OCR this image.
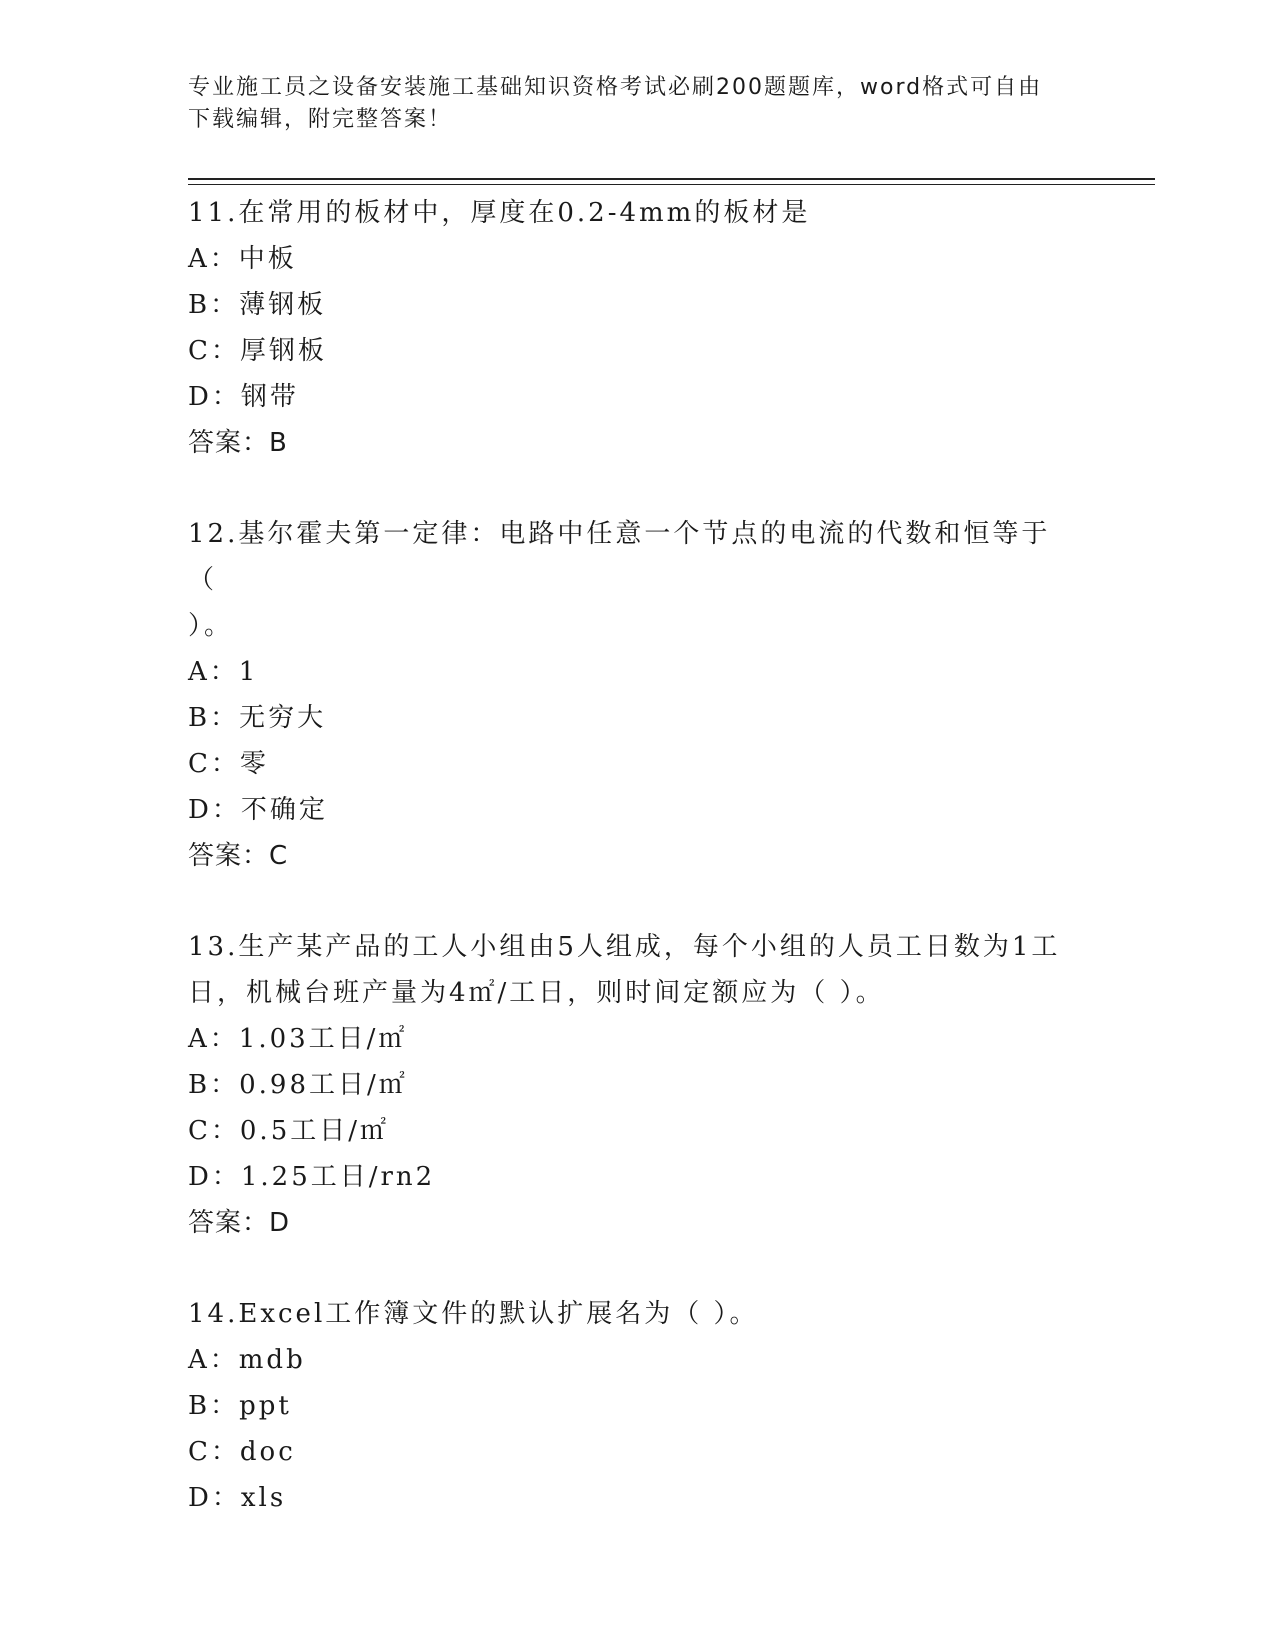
专业施工员之设备安装施工基础知识资格考试必刷200题题库，word格式可自由
下载编辑，附完整答案！

11.在常用的板材中，厚度在0.2-4mm的板材是

A：中板

B：薄钢板

C：厚钢板

D：钢带

答案：B

12.基尔霍夫第一定律：电路中任意一个节点的电流的代数和恒等于（

）。

A：1

B：无穷大

C：零

D：不确定

答案：C

13.生产某产品的工人小组由5人组成，每个小组的人员工日数为1工

日，机械台班产量为4㎡/工日，则时间定额应为（ ）。

A：1.03工日/㎡

B：0.98工日/㎡

C：0.5工日/㎡

D：1.25工日/rn2

答案：D

14.Excel工作簿文件的默认扩展名为（ ）。

A：mdb

B：ppt

C：doc

D：xls
